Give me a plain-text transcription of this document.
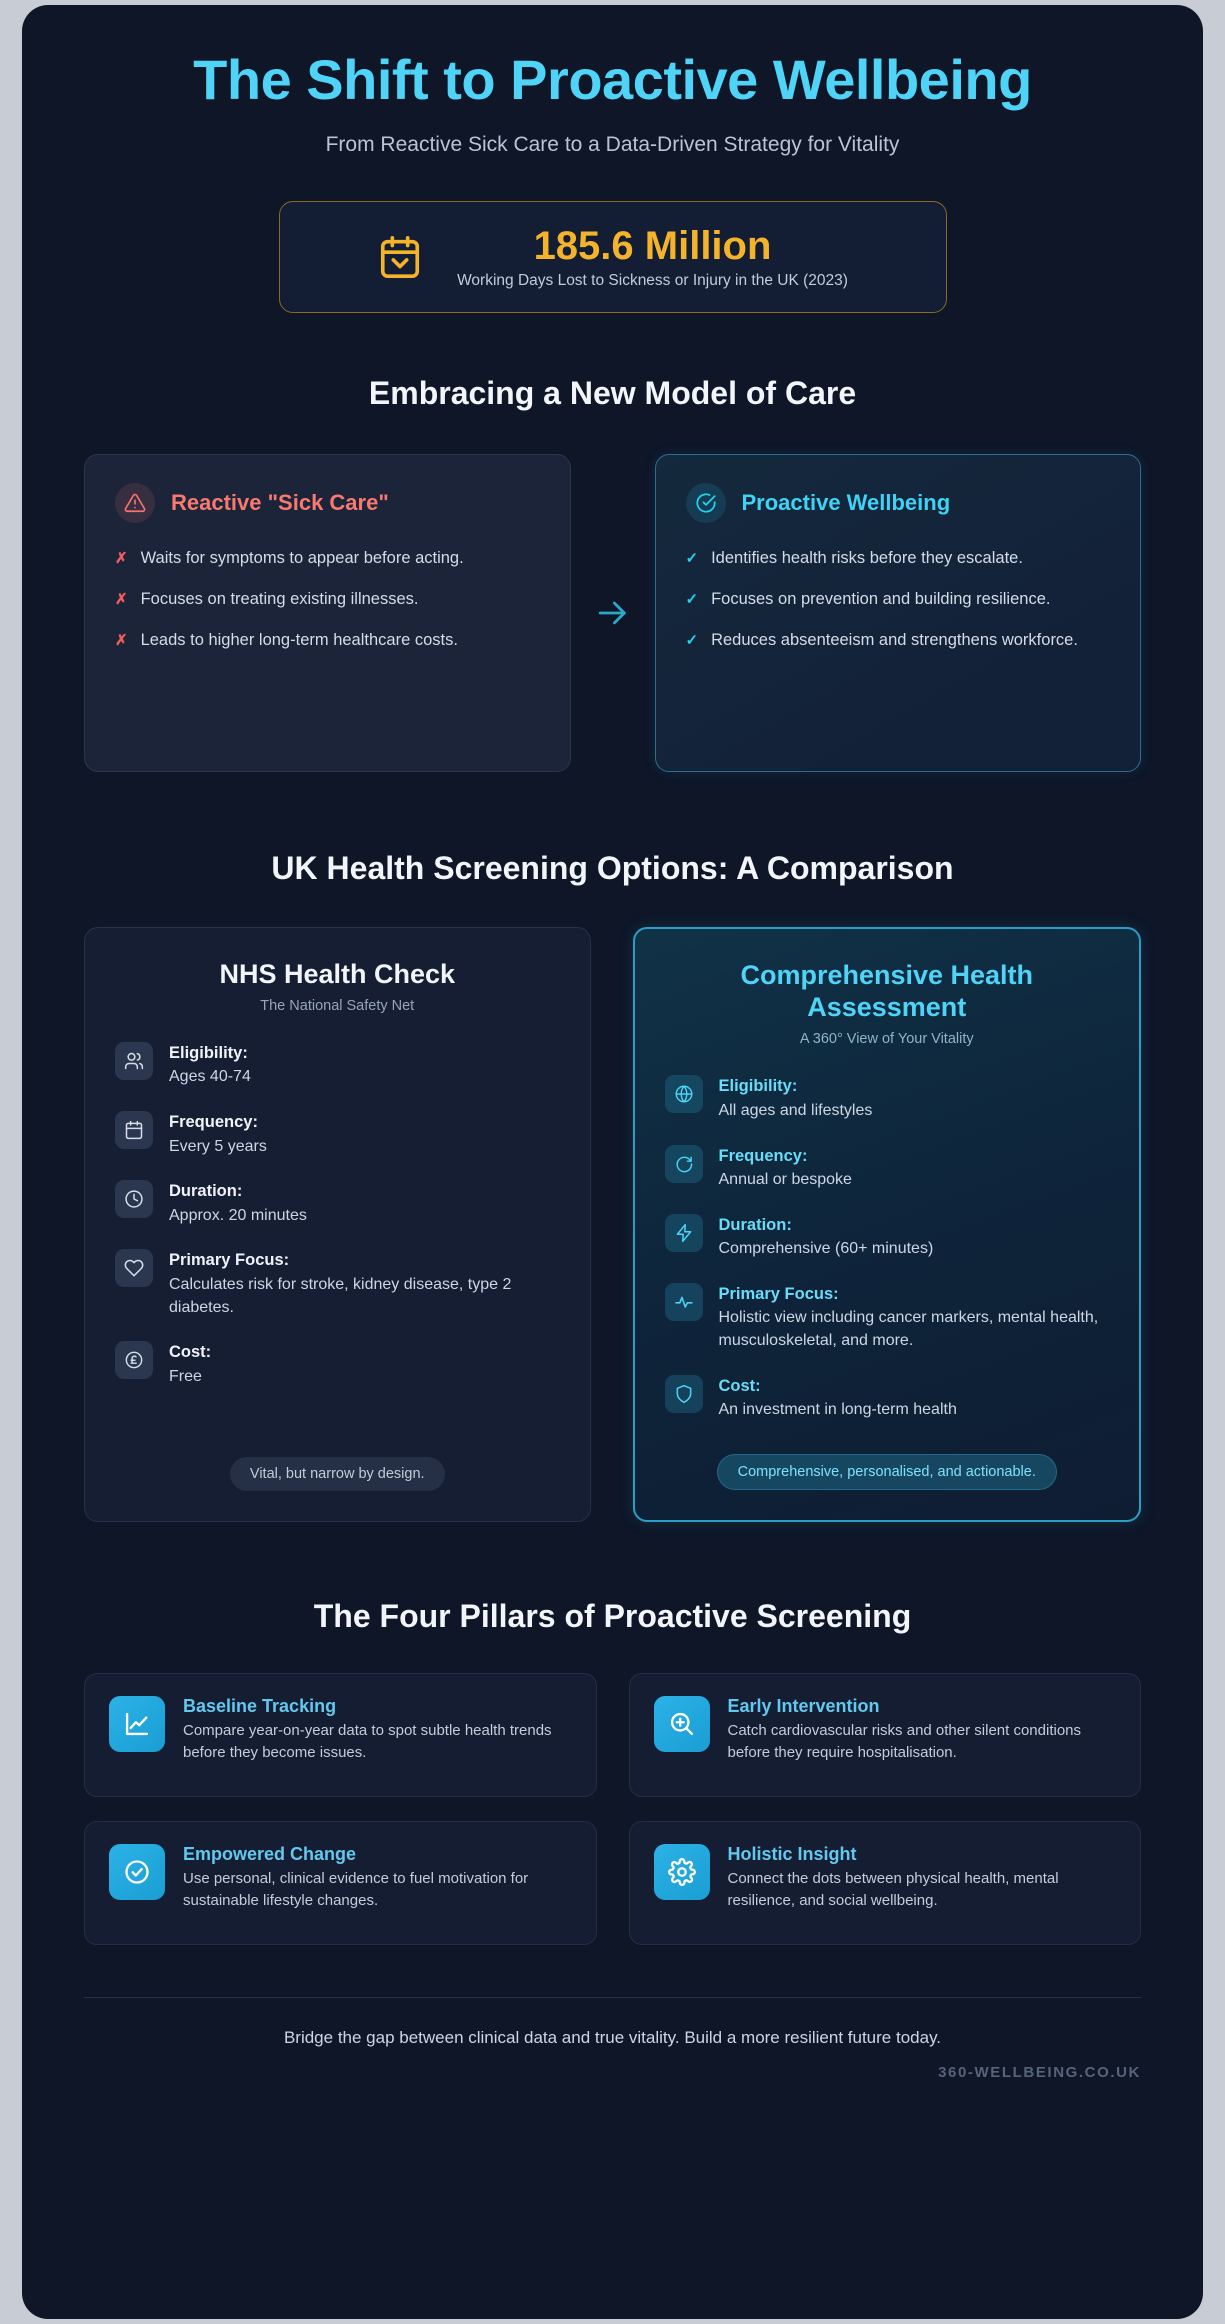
The Shift to Proactive Wellbeing
From Reactive Sick Care to a Data-Driven Strategy for Vitality
185.6 Million
Working Days Lost to Sickness or Injury in the UK (2023)
Embracing a New Model of Care
Reactive "Sick Care"
✗ Waits for symptoms to appear before acting.
✗ Focuses on treating existing illnesses.
✗ Leads to higher long-term healthcare costs.
Proactive Wellbeing
✓ Identifies health risks before they escalate.
✓ Focuses on prevention and building resilience.
✓ Reduces absenteeism and strengthens workforce.
UK Health Screening Options: A Comparison
NHS Health Check
The National Safety Net
Eligibility:
Ages 40-74
Frequency:
Every 5 years
Duration:
Approx. 20 minutes
Primary Focus:
Calculates risk for stroke, kidney disease, type 2 diabetes.
Cost:
Free
Vital, but narrow by design.
Comprehensive Health Assessment
A 360° View of Your Vitality
Eligibility:
All ages and lifestyles
Frequency:
Annual or bespoke
Duration:
Comprehensive (60+ minutes)
Primary Focus:
Holistic view including cancer markers, mental health, musculoskeletal, and more.
Cost:
An investment in long-term health
Comprehensive, personalised, and actionable.
The Four Pillars of Proactive Screening
Baseline Tracking
Compare year-on-year data to spot subtle health trends before they become issues.
Early Intervention
Catch cardiovascular risks and other silent conditions before they require hospitalisation.
Empowered Change
Use personal, clinical evidence to fuel motivation for sustainable lifestyle changes.
Holistic Insight
Connect the dots between physical health, mental resilience, and social wellbeing.
Bridge the gap between clinical data and true vitality. Build a more resilient future today.
360-WELLBEING.CO.UK
